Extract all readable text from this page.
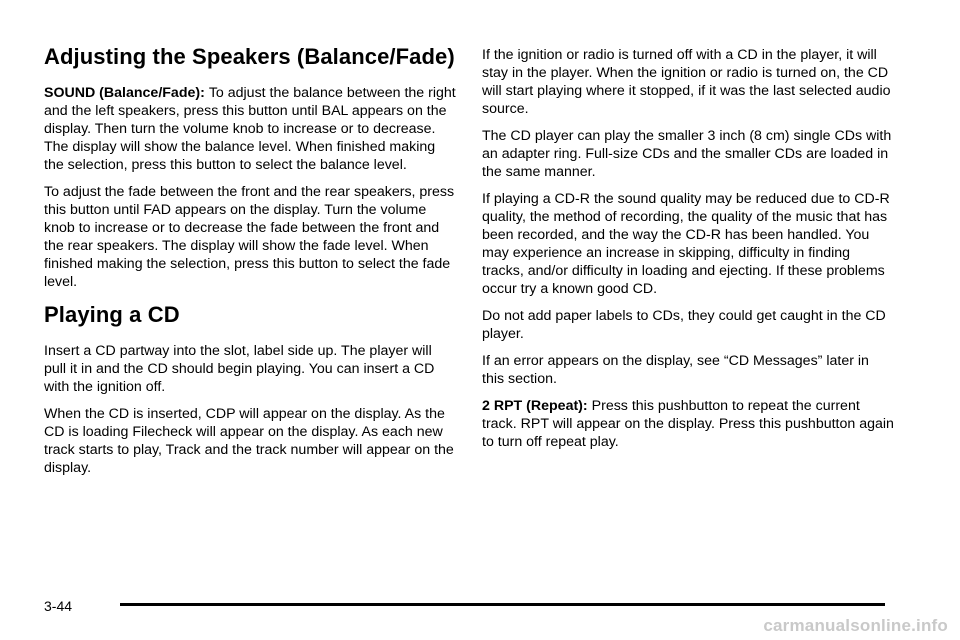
Adjusting the Speakers (Balance/Fade)

SOUND (Balance/Fade): To adjust the balance between the right and the left speakers, press this button until BAL appears on the display. Then turn the volume knob to increase or to decrease. The display will show the balance level. When finished making the selection, press this button to select the balance level.

To adjust the fade between the front and the rear speakers, press this button until FAD appears on the display. Turn the volume knob to increase or to decrease the fade between the front and the rear speakers. The display will show the fade level. When finished making the selection, press this button to select the fade level.

Playing a CD

Insert a CD partway into the slot, label side up. The player will pull it in and the CD should begin playing. You can insert a CD with the ignition off.

When the CD is inserted, CDP will appear on the display. As the CD is loading Filecheck will appear on the display. As each new track starts to play, Track and the track number will appear on the display.

If the ignition or radio is turned off with a CD in the player, it will stay in the player. When the ignition or radio is turned on, the CD will start playing where it stopped, if it was the last selected audio source.

The CD player can play the smaller 3 inch (8 cm) single CDs with an adapter ring. Full-size CDs and the smaller CDs are loaded in the same manner.

If playing a CD-R the sound quality may be reduced due to CD-R quality, the method of recording, the quality of the music that has been recorded, and the way the CD-R has been handled. You may experience an increase in skipping, difficulty in finding tracks, and/or difficulty in loading and ejecting. If these problems occur try a known good CD.

Do not add paper labels to CDs, they could get caught in the CD player.

If an error appears on the display, see “CD Messages” later in this section.

2 RPT (Repeat): Press this pushbutton to repeat the current track. RPT will appear on the display. Press this pushbutton again to turn off repeat play.

3-44
carmanualsonline.info
